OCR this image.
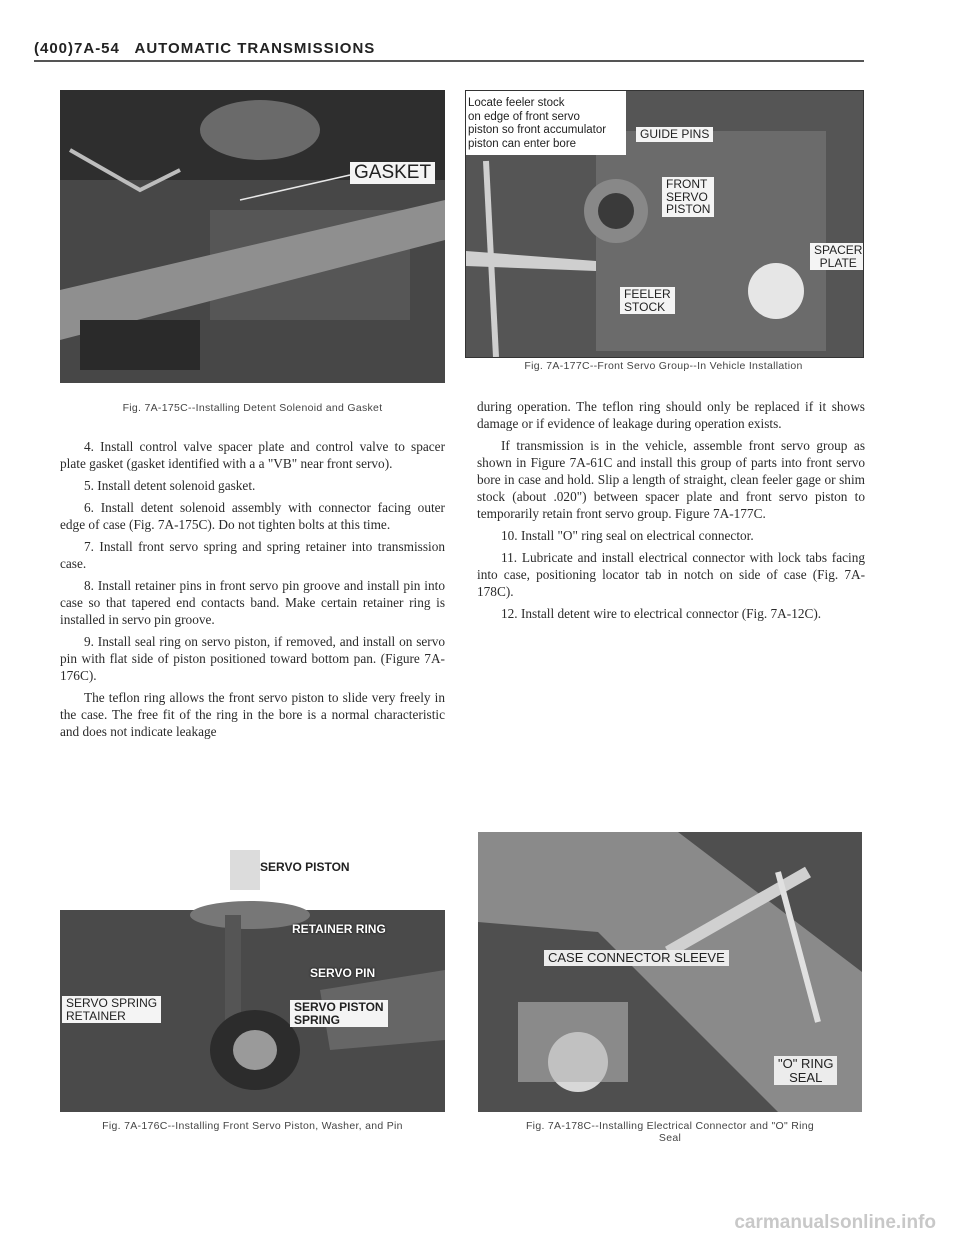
(400)7A-54 AUTOMATIC TRANSMISSIONS
GASKET
Fig. 7A-175C--Installing Detent Solenoid and Gasket
Locate feeler stock
on edge of front servo
piston so front accumulator
piston can enter bore
GUIDE PINS
FRONT
SERVO
PISTON
SPACER
PLATE
FEELER
STOCK
Fig. 7A-177C--Front Servo Group--In Vehicle Installation

4. Install control valve spacer plate and control valve to spacer plate gasket (gasket identified with a a "VB" near front servo).

5. Install detent solenoid gasket.

6. Install detent solenoid assembly with connector facing outer edge of case (Fig. 7A-175C). Do not tighten bolts at this time.

7. Install front servo spring and spring retainer into transmission case.

8. Install retainer pins in front servo pin groove and install pin into case so that tapered end contacts band. Make certain retainer ring is installed in servo pin groove.

9. Install seal ring on servo piston, if removed, and install on servo pin with flat side of piston positioned toward bottom pan. (Figure 7A-176C).

The teflon ring allows the front servo piston to slide very freely in the case. The free fit of the ring in the bore is a normal characteristic and does not indicate leakage

during operation. The teflon ring should only be replaced if it shows damage or if evidence of leakage during operation exists.

If transmission is in the vehicle, assemble front servo group as shown in Figure 7A-61C and install this group of parts into front servo bore in case and hold. Slip a length of straight, clean feeler gage or shim stock (about .020") between spacer plate and front servo piston to temporarily retain front servo group. Figure 7A-177C.

10. Install "O" ring seal on electrical connector.

11. Lubricate and install electrical connector with lock tabs facing into case, positioning locator tab in notch on side of case (Fig. 7A-178C).

12. Install detent wire to electrical connector (Fig. 7A-12C).

SERVO PISTON
RETAINER RING
SERVO PIN
SERVO SPRING
RETAINER
SERVO PISTON
SPRING
Fig. 7A-176C--Installing Front Servo Piston, Washer, and Pin
CASE CONNECTOR SLEEVE
"O" RING
SEAL
Fig. 7A-178C--Installing Electrical Connector and "O" Ring
Seal
carmanualsonline.info
